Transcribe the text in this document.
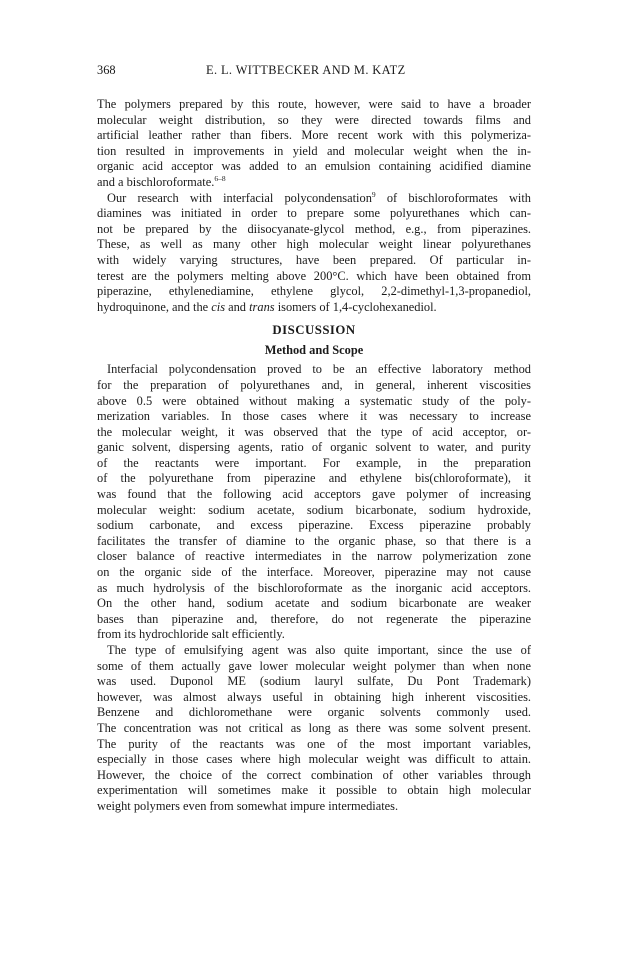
368	E. L. WITTBECKER AND M. KATZ
The polymers prepared by this route, however, were said to have a broader
molecular weight distribution, so they were directed towards films and
artificial leather rather than fibers. More recent work with this polymeriza-
tion resulted in improvements in yield and molecular weight when the in-
organic acid acceptor was added to an emulsion containing acidified diamine
and a bischloroformate.$^{6-8}$
Our research with interfacial polycondensation$^9$ of bischloroformates with
diamines was initiated in order to prepare some polyurethanes which can-
not be prepared by the diisocyanate-glycol method, e.g., from piperazines.
These, as well as many other high molecular weight linear polyurethanes
with widely varying structures, have been prepared. Of particular in-
terest are the polymers melting above 200°C. which have been obtained from
piperazine, ethylenediamine, ethylene glycol, 2,2-dimethyl-1,3-propanediol,
hydroquinone, and the cis and trans isomers of 1,4-cyclohexanediol.
DISCUSSION
Method and Scope
Interfacial polycondensation proved to be an effective laboratory method
for the preparation of polyurethanes and, in general, inherent viscosities
above 0.5 were obtained without making a systematic study of the poly-
merization variables. In those cases where it was necessary to increase
the molecular weight, it was observed that the type of acid acceptor, or-
ganic solvent, dispersing agents, ratio of organic solvent to water, and purity
of the reactants were important. For example, in the preparation
of the polyurethane from piperazine and ethylene bis(chloroformate), it
was found that the following acid acceptors gave polymer of increasing
molecular weight: sodium acetate, sodium bicarbonate, sodium hydroxide,
sodium carbonate, and excess piperazine. Excess piperazine probably
facilitates the transfer of diamine to the organic phase, so that there is a
closer balance of reactive intermediates in the narrow polymerization zone
on the organic side of the interface. Moreover, piperazine may not cause
as much hydrolysis of the bischloroformate as the inorganic acid acceptors.
On the other hand, sodium acetate and sodium bicarbonate are weaker
bases than piperazine and, therefore, do not regenerate the piperazine
from its hydrochloride salt efficiently.
The type of emulsifying agent was also quite important, since the use of
some of them actually gave lower molecular weight polymer than when none
was used. Duponol ME (sodium lauryl sulfate, Du Pont Trademark)
however, was almost always useful in obtaining high inherent viscosities.
Benzene and dichloromethane were organic solvents commonly used.
The concentration was not critical as long as there was some solvent present.
The purity of the reactants was one of the most important variables,
especially in those cases where high molecular weight was difficult to attain.
However, the choice of the correct combination of other variables through
experimentation will sometimes make it possible to obtain high molecular
weight polymers even from somewhat impure intermediates.
